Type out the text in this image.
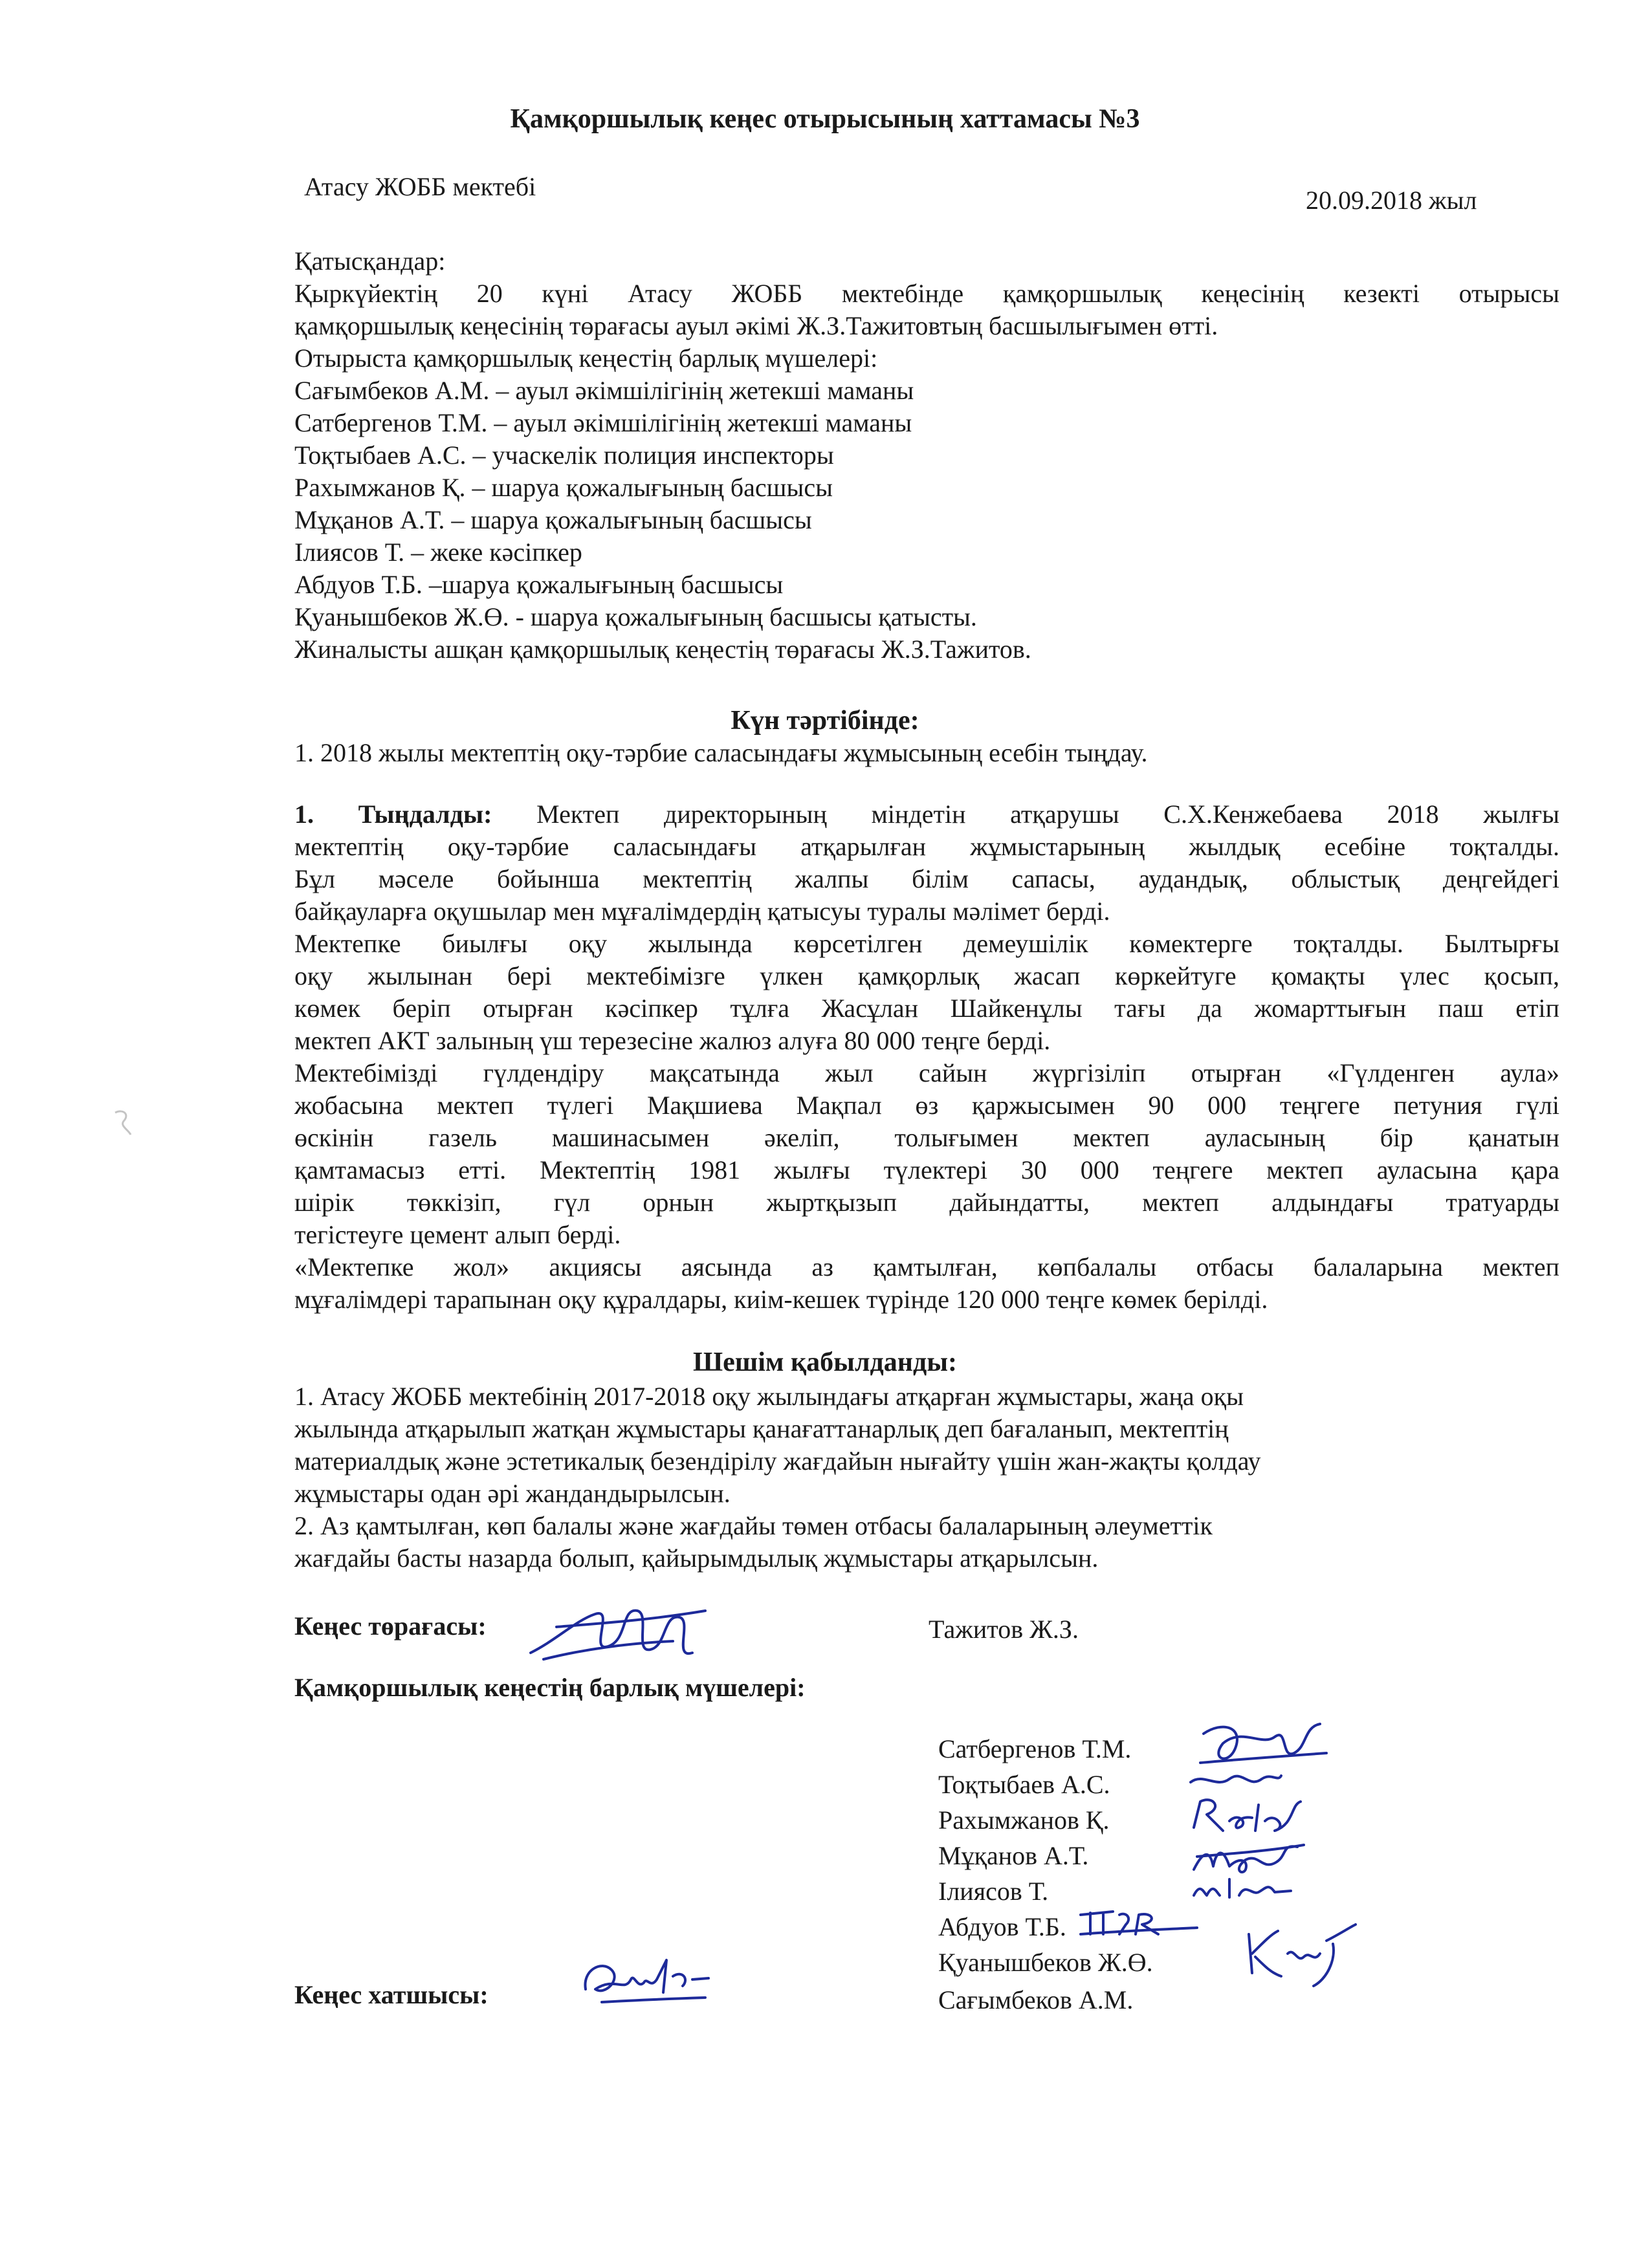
Қамқоршылық кеңес отырысының хаттамасы №3
Атасу ЖОББ мектебі	20.09.2018 жыл
Қатысқандар:
Қыркүйектің 20 күні Атасу ЖОББ мектебінде қамқоршылық кеңесінің кезекті отырысы
қамқоршылық кеңесінің төрағасы ауыл әкімі Ж.З.Тажитовтың басшылығымен өтті.
Отырыста қамқоршылық кеңестің барлық мүшелері:
Сағымбеков А.М. – ауыл әкімшілігінің жетекші маманы
Сатбергенов Т.М. – ауыл әкімшілігінің жетекші маманы
Тоқтыбаев А.С. – учаскелік полиция инспекторы
Рахымжанов Қ. – шаруа қожалығының басшысы
Мұқанов А.Т. – шаруа қожалығының басшысы
Ілиясов Т. – жеке кәсіпкер
Абдуов Т.Б. –шаруа қожалығының басшысы
Қуанышбеков Ж.Ө. - шаруа қожалығының басшысы қатысты.
Жиналысты ашқан қамқоршылық кеңестің төрағасы Ж.З.Тажитов.
Күн тәртібінде:
1. 2018 жылы мектептің оқу-тәрбие саласындағы жұмысының есебін тыңдау.
1. Тыңдалды: Мектеп директорының міндетін атқарушы С.Х.Кенжебаева 2018 жылғы
мектептің оқу-тәрбие саласындағы атқарылған жұмыстарының жылдық есебіне тоқталды.
Бұл мәселе бойынша мектептің жалпы білім сапасы, аудандық, облыстық деңгейдегі
байқауларға оқушылар мен мұғалімдердің қатысуы туралы мәлімет берді.
Мектепке биылғы оқу жылында көрсетілген демеушілік көмектерге тоқталды. Былтырғы
оқу жылынан бері мектебімізге үлкен қамқорлық жасап көркейтуге қомақты үлес қосып,
көмек беріп отырған кәсіпкер тұлға Жасұлан Шайкенұлы тағы да жомарттығын паш етіп
мектеп АКТ залының үш терезесіне жалюз алуға 80 000 теңге берді.
Мектебімізді гүлдендіру мақсатында жыл сайын жүргізіліп отырған «Гүлденген аула»
жобасына мектеп түлегі Мақшиева Мақпал өз қаржысымен 90 000 теңгеге петуния гүлі
өскінін газель машинасымен әкеліп, толығымен мектеп ауласының бір қанатын
қамтамасыз етті. Мектептің 1981 жылғы түлектері 30 000 теңгеге мектеп ауласына қара
шірік төккізіп, гүл орнын жыртқызып дайындатты, мектеп алдындағы тратуарды
тегістеуге цемент алып берді.
«Мектепке жол» акциясы аясында аз қамтылған, көпбалалы отбасы балаларына мектеп
мұғалімдері тарапынан оқу құралдары, киім-кешек түрінде 120 000 теңге көмек берілді.
Шешім қабылданды:
1. Атасу ЖОББ мектебінің 2017-2018 оқу жылындағы атқарған жұмыстары, жаңа оқы
жылында атқарылып жатқан жұмыстары қанағаттанарлық деп бағаланып, мектептің
материалдық және эстетикалық безендірілу жағдайын нығайту үшін жан-жақты қолдау
жұмыстары одан әрі жандандырылсын.
2. Аз қамтылған, көп балалы және жағдайы төмен отбасы балаларының әлеуметтік
жағдайы басты назарда болып, қайырымдылық жұмыстары атқарылсын.
Кеңес төрағасы:	Тажитов Ж.З.
Қамқоршылық кеңестің барлық мүшелері:
Сатбергенов Т.М.
Тоқтыбаев А.С.
Рахымжанов Қ.
Мұқанов А.Т.
Ілиясов Т.
Абдуов Т.Б.
Қуанышбеков Ж.Ө.
Сағымбеков А.М.
Кеңес хатшысы:
